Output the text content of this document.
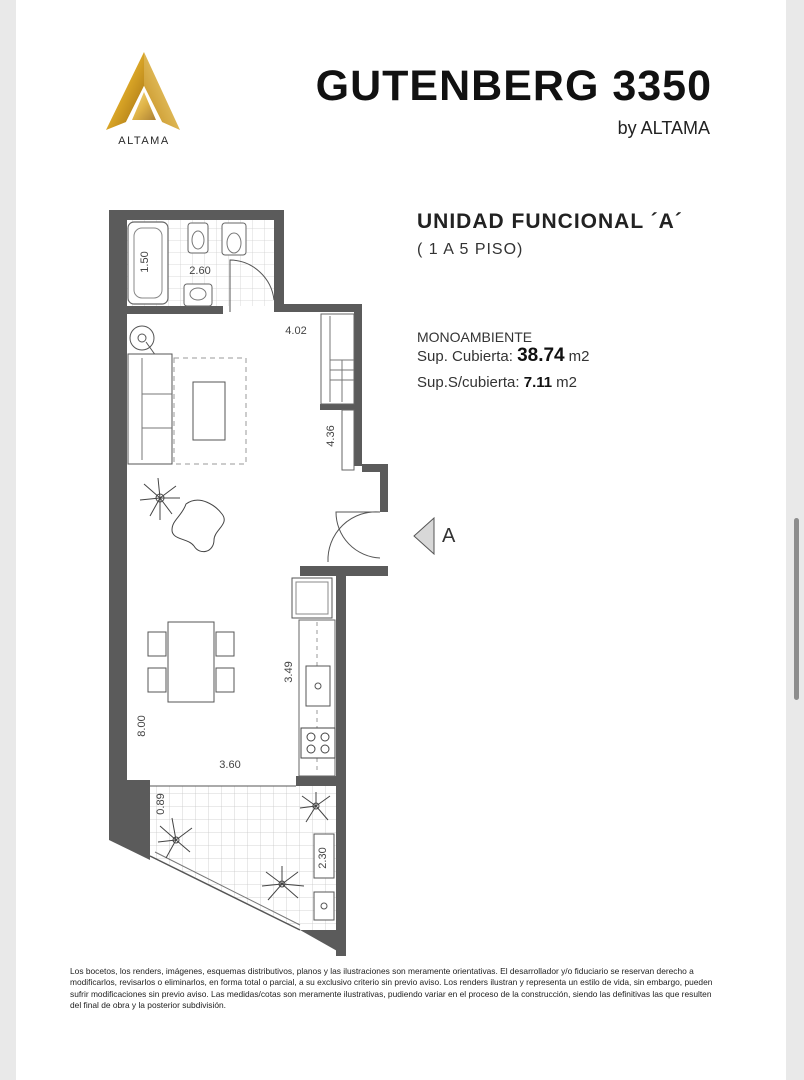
ALTAMA
GUTENBERG 3350
by ALTAMA
UNIDAD FUNCIONAL ´A´
( 1 A 5 PISO)
MONOAMBIENTE
Sup. Cubierta: 38.74 m2
Sup.S/cubierta: 7.11 m2
1.50	2.60
4.02
4.36
3.49
8.00
3.60
0.89
2.30
A
Los bocetos, los renders, imágenes, esquemas distributivos, planos y las ilustraciones son meramente orientativas. El desarrollador y/o fiduciario se reservan derecho a modificarlos, revisarlos o eliminarlos, en forma total o parcial, a su exclusivo criterio sin previo aviso. Los renders ilustran y representa un estilo de vida, sin embargo, pueden sufrir modificaciones sin previo aviso. Las medidas/cotas son meramente ilustrativas, pudiendo variar en el proceso de la construcción, siendo las definitivas las que resulten del final de obra y la posterior subdivisión.
